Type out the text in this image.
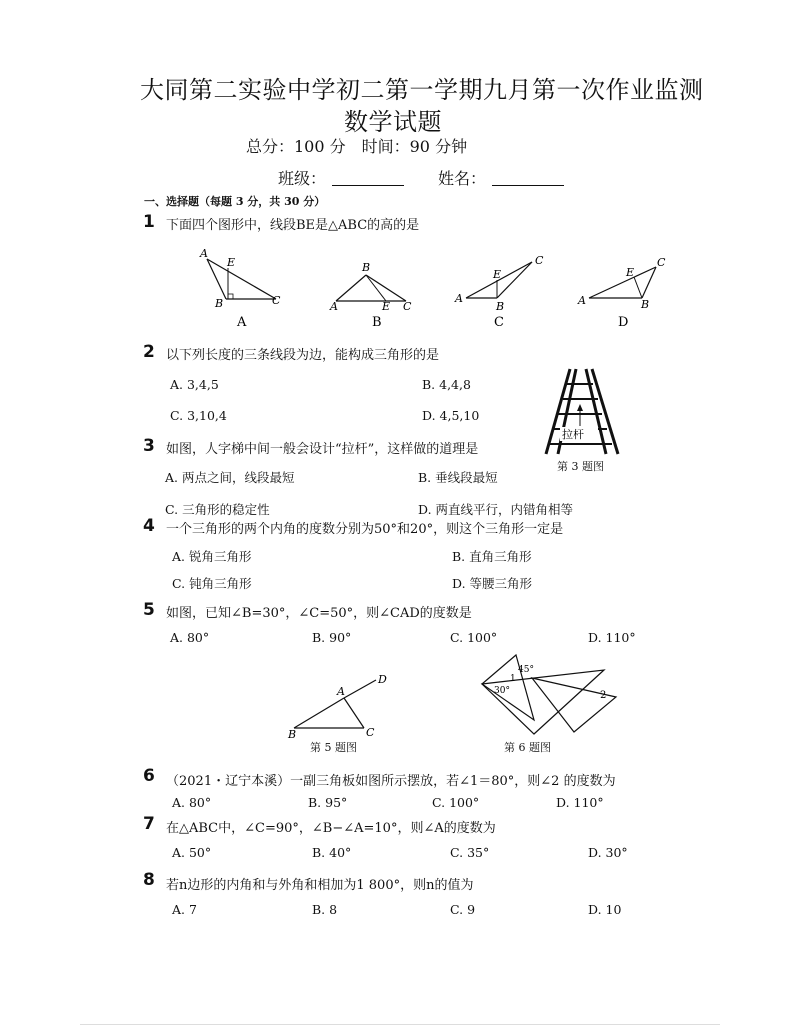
大同第二实验中学初二第一学期九月第一次作业监测
数学试题
总分：100 分　时间：90 分钟
班级：	姓名：
一、选择题（每题 3 分，共 30 分）
1 下面四个图形中，线段BE是△ABC的高的是
A
E
B	C
A
B
A	E C
B
C
E
A
B
C
E
C
A	B
D
2 以下列长度的三条线段为边，能构成三角形的是
A. 3,4,5	B. 4,4,8
C. 3,10,4	D. 4,5,10
拉杆
第 3 题图
3 如图，人字梯中间一般会设计“拉杆”，这样做的道理是
A. 两点之间，线段最短	B. 垂线段最短
C. 三角形的稳定性	D. 两直线平行，内错角相等
4 一个三角形的两个内角的度数分别为50°和20°，则这个三角形一定是
A. 锐角三角形	B. 直角三角形
C. 钝角三角形	D. 等腰三角形
5 如图，已知∠B=30°，∠C=50°，则∠CAD的度数是
A. 80°	B. 90°	C. 100°	D. 110°
A
D
B	C
第 5 题图
45°
1
30°	2
第 6 题图
6 （2021・辽宁本溪）一副三角板如图所示摆放，若∠1＝80°，则∠2 的度数为
A. 80°	B. 95°	C. 100°	D. 110°
7 在△ABC中，∠C=90°，∠B−∠A=10°，则∠A的度数为
A. 50°	B. 40°	C. 35°	D. 30°
8 若n边形的内角和与外角和相加为1 800°，则n的值为
A. 7	B. 8	C. 9	D. 10
